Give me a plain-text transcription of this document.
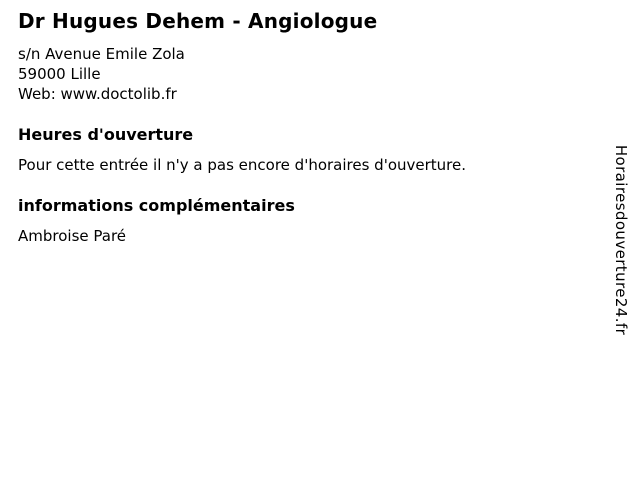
Dr Hugues Dehem - Angiologue
s/n Avenue Emile Zola
59000 Lille
Web: www.doctolib.fr
Heures d'ouverture

Pour cette entrée il n'y a pas encore d'horaires d'ouverture.

informations complémentaires

Ambroise Paré	Horairesdouverture24.fr
